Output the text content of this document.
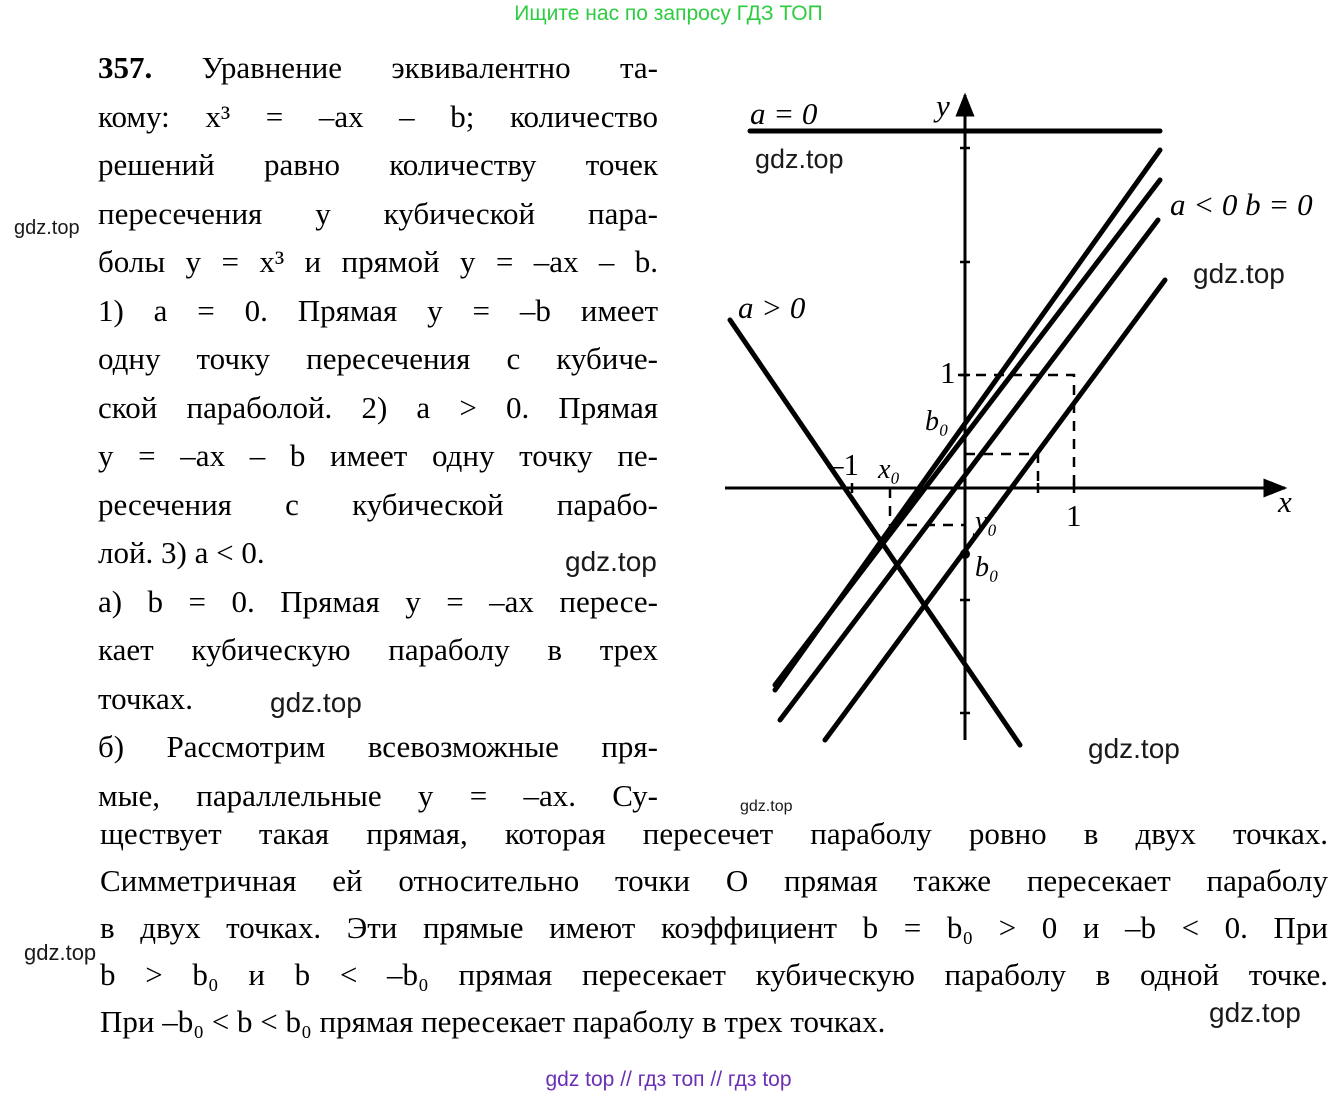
Ищите нас по запросу ГДЗ ТОП
357. Уравнение эквивалентно та-
кому: x³ = –ax – b; количество
решений равно количеству точек
пересечения у кубической пара-
болы y = x³ и прямой y = –ax – b.
1) a = 0. Прямая y = –b имеет
одну точку пересечения с кубиче-
ской параболой. 2) a > 0. Прямая
y = –ax – b имеет одну точку пе-
ресечения с кубической парабо-
лой. 3) a < 0.
а) b = 0. Прямая y = –ax пересе-
кает кубическую параболу в трех
точках.
б) Рассмотрим всевозможные пря-
мые, параллельные y = –ax. Су-
ществует такая прямая, которая пересечет параболу ровно в двух точках.
Симметричная ей относительно точки O прямая также пересекает параболу
в двух точках. Эти прямые имеют коэффициент b = b₀ > 0 и –b < 0. При
b > b₀ и b < –b₀ прямая пересекает кубическую параболу в одной точке.
При –b₀ < b < b₀ прямая пересекает параболу в трех точках.
a = 0
a > 0
a < 0 b = 0
x
y
1
1
–1 x₀
y₀
b₀
b₀
gdz.top
gdz.top
gdz.top
gdz.top
gdz.top
gdz.top
gdz.top
gdz.top
gdz.top
gdz top // гдз топ // гдз top
